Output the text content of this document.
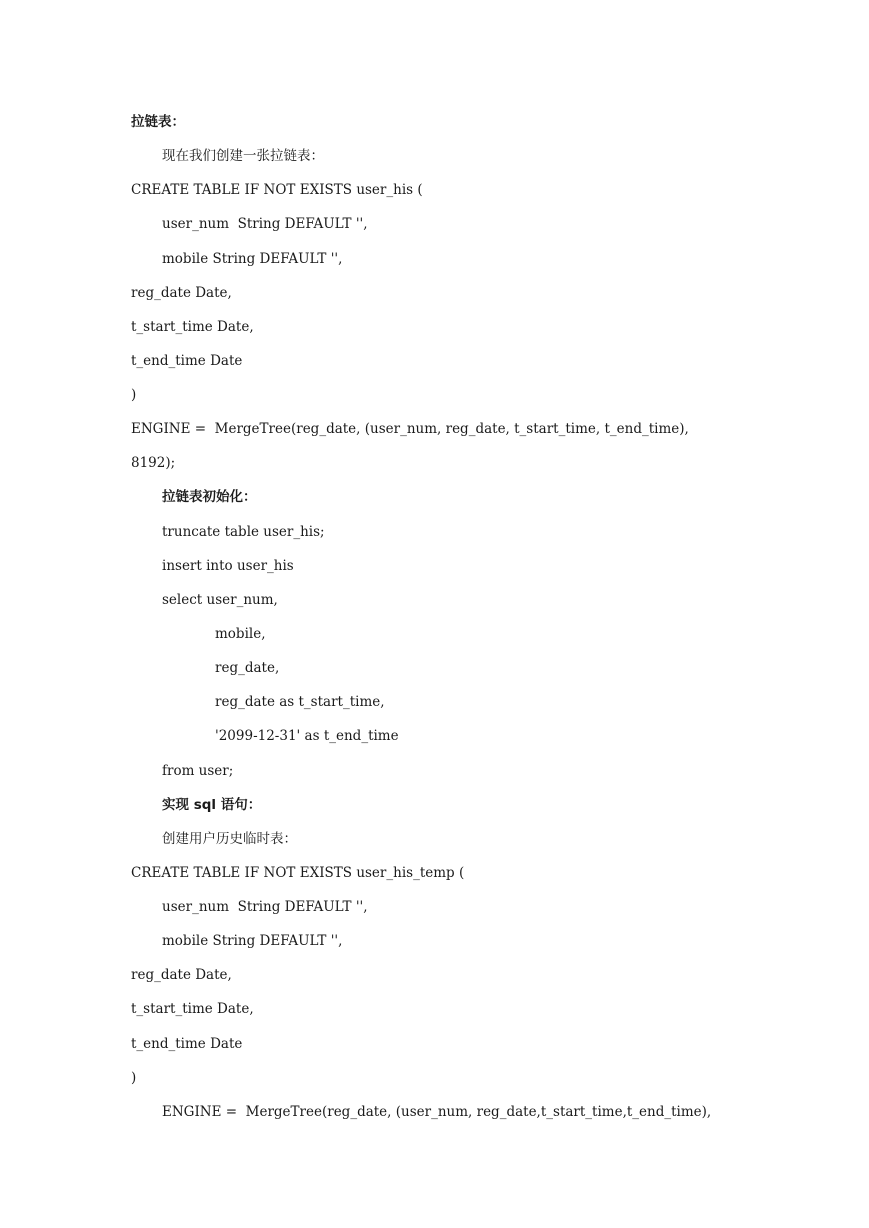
拉链表：
现在我们创建一张拉链表：
CREATE TABLE IF NOT EXISTS user_his (
user_num  String DEFAULT '',
mobile String DEFAULT '',
reg_date Date,
t_start_time Date,
t_end_time Date
)
ENGINE =  MergeTree(reg_date, (user_num, reg_date, t_start_time, t_end_time),
8192);
拉链表初始化：
truncate table user_his;
insert into user_his
select user_num,
mobile,
reg_date,
reg_date as t_start_time,
'2099-12-31' as t_end_time
from user;
实现 sql 语句：
创建用户历史临时表：
CREATE TABLE IF NOT EXISTS user_his_temp (
user_num  String DEFAULT '',
mobile String DEFAULT '',
reg_date Date,
t_start_time Date,
t_end_time Date
)
ENGINE =  MergeTree(reg_date, (user_num, reg_date,t_start_time,t_end_time),
